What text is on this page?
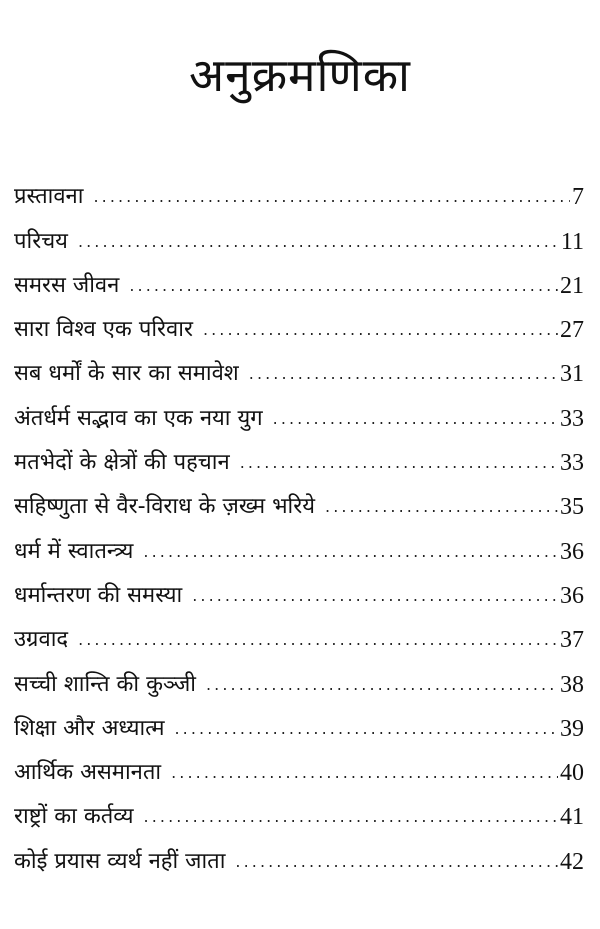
अनुक्रमणिका
प्रस्तावना . . .	7
परिचय . . .	11
समरस जीवन . . .	21
सारा विश्व एक परिवार . . .	27
सब धर्मों के सार का समावेश . . .	31
अंतर्धर्म सद्भाव का एक नया युग . . .	33
मतभेदों के क्षेत्रों की पहचान . . .	33
सहिष्णुता से वैर-विराध के ज़ख्म भरिये . . .	35
धर्म में स्वातन्त्र्य . . .	36
धर्मान्तरण की समस्या . . .	36
उग्रवाद . . .	37
सच्ची शान्ति की कुञ्जी . . .	38
शिक्षा और अध्यात्म . . .	39
आर्थिक असमानता . . .	40
राष्ट्रों का कर्तव्य . . .	41
कोई प्रयास व्यर्थ नहीं जाता . . .	42
